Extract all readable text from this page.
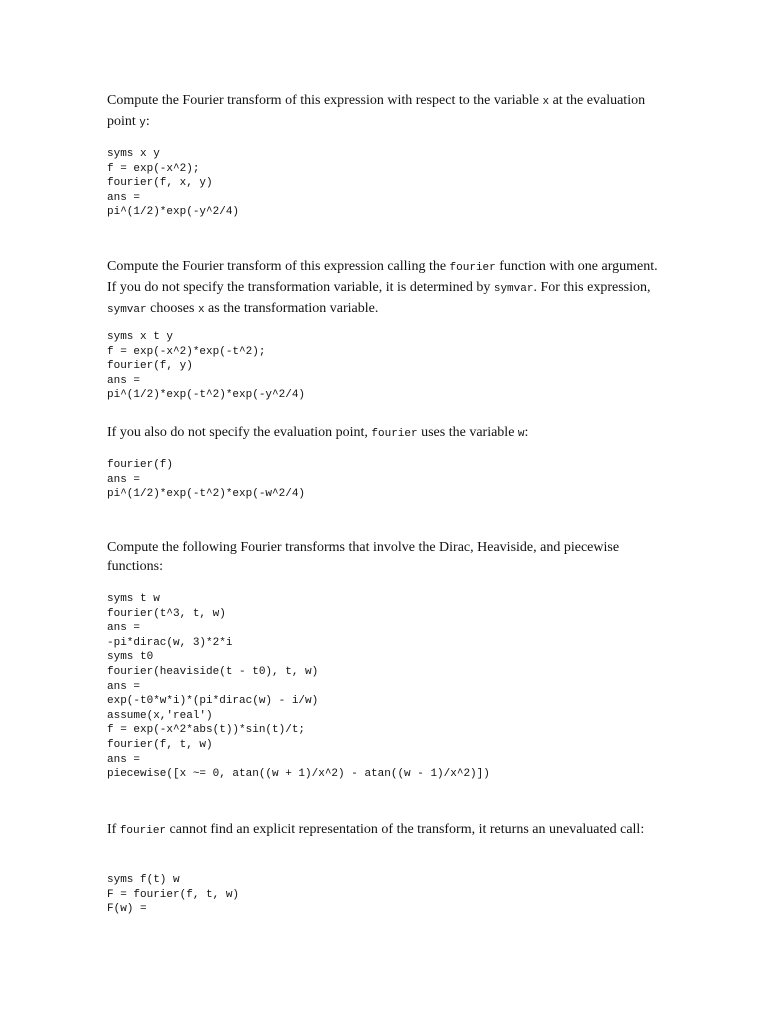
Compute the Fourier transform of this expression with respect to the variable x at the evaluation point y:

syms x y
f = exp(-x^2);
fourier(f, x, y)
ans =
pi^(1/2)*exp(-y^2/4)

Compute the Fourier transform of this expression calling the fourier function with one argument. If you do not specify the transformation variable, it is determined by symvar. For this expression, symvar chooses x as the transformation variable.

syms x t y
f = exp(-x^2)*exp(-t^2);
fourier(f, y)
ans =
pi^(1/2)*exp(-t^2)*exp(-y^2/4)

If you also do not specify the evaluation point, fourier uses the variable w:

fourier(f)
ans =
pi^(1/2)*exp(-t^2)*exp(-w^2/4)

Compute the following Fourier transforms that involve the Dirac, Heaviside, and piecewise functions:

syms t w
fourier(t^3, t, w)
ans =
-pi*dirac(w, 3)*2*i
syms t0
fourier(heaviside(t - t0), t, w)
ans =
exp(-t0*w*i)*(pi*dirac(w) - i/w)
assume(x,'real')
f = exp(-x^2*abs(t))*sin(t)/t;
fourier(f, t, w)
ans =
piecewise([x ~= 0, atan((w + 1)/x^2) - atan((w - 1)/x^2)])

If fourier cannot find an explicit representation of the transform, it returns an unevaluated call:

syms f(t) w
F = fourier(f, t, w)
F(w) =
